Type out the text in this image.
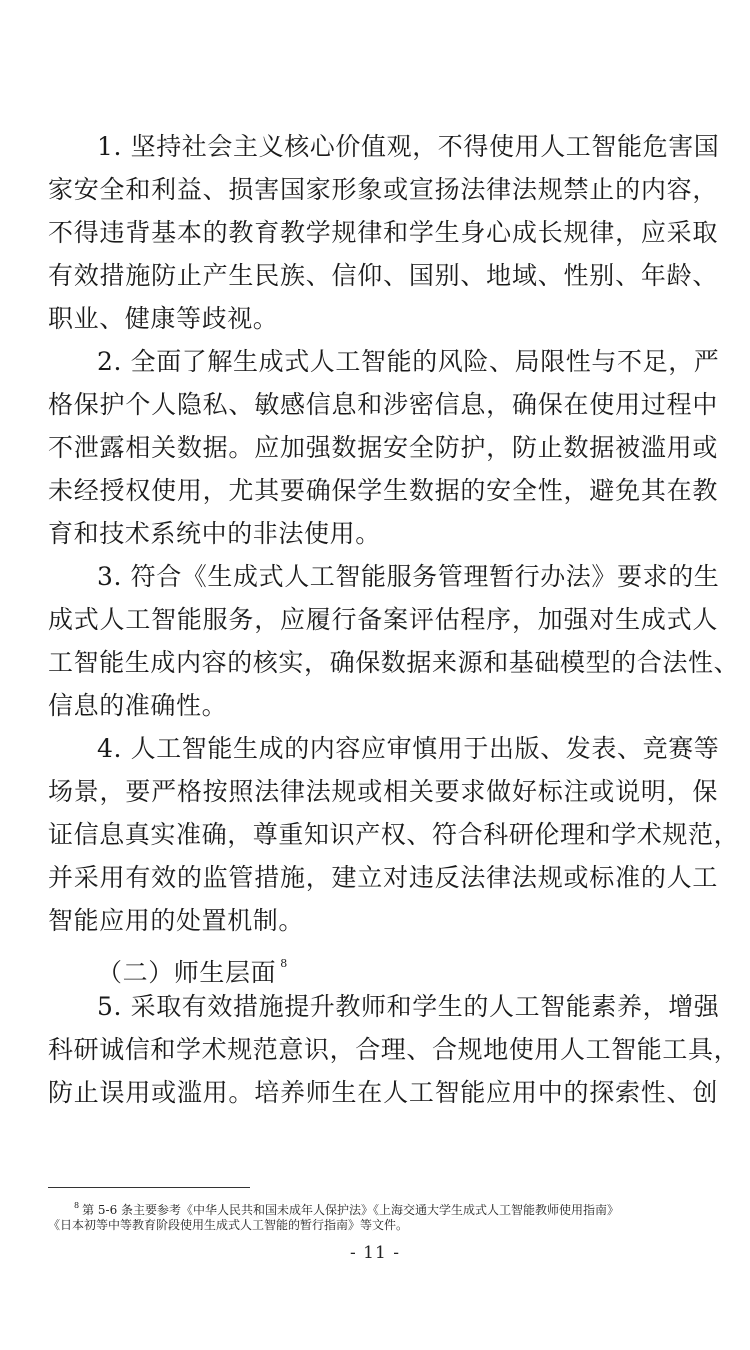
1. 坚持社会主义核心价值观，不得使用人工智能危害国
家安全和利益、损害国家形象或宣扬法律法规禁止的内容，
不得违背基本的教育教学规律和学生身心成长规律，应采取
有效措施防止产生民族、信仰、国别、地域、性别、年龄、
职业、健康等歧视。
2. 全面了解生成式人工智能的风险、局限性与不足，严
格保护个人隐私、敏感信息和涉密信息，确保在使用过程中
不泄露相关数据。应加强数据安全防护，防止数据被滥用或
未经授权使用，尤其要确保学生数据的安全性，避免其在教
育和技术系统中的非法使用。
3. 符合《生成式人工智能服务管理暂行办法》要求的生
成式人工智能服务，应履行备案评估程序，加强对生成式人
工智能生成内容的核实，确保数据来源和基础模型的合法性、
信息的准确性。
4. 人工智能生成的内容应审慎用于出版、发表、竞赛等
场景，要严格按照法律法规或相关要求做好标注或说明，保
证信息真实准确，尊重知识产权、符合科研伦理和学术规范，
并采用有效的监管措施，建立对违反法律法规或标准的人工
智能应用的处置机制。
（二）师生层面 $^8$
5. 采取有效措施提升教师和学生的人工智能素养，增强
科研诚信和学术规范意识，合理、合规地使用人工智能工具，
防止误用或滥用。培养师生在人工智能应用中的探索性、创
$^8$ 第 5-6 条主要参考《中华人民共和国未成年人保护法》《上海交通大学生成式人工智能教师使用指南》
《日本初等中等教育阶段使用生成式人工智能的暂行指南》等文件。
- 11 -
